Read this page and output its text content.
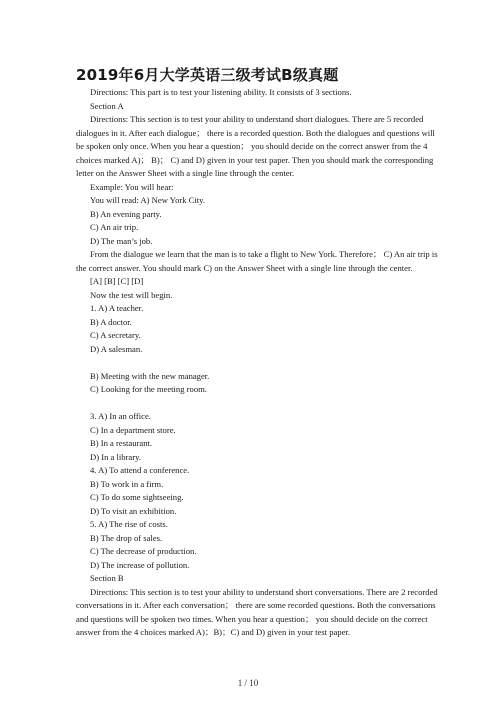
2019年6月大学英语三级考试B级真题

Directions: This part is to test your listening ability. It consists of 3 sections.

Section A

Directions: This section is to test your ability to understand short dialogues. There are 5 recorded dialogues in it. After each dialogue； there is a recorded question. Both the dialogues and questions will be spoken only once. When you hear a question； you should decide on the correct answer from the 4 choices marked A)； B)； C) and D) given in your test paper. Then you should mark the corresponding letter on the Answer Sheet with a single line through the center.

Example: You will hear:

You will read: A) New York City.

B) An evening party.

C) An air trip.

D) The man’s job.

From the dialogue we learn that the man is to take a flight to New York. Therefore； C) An air trip is the correct answer. You should mark C) on the Answer Sheet with a single line through the center.

[A] [B] [C] [D]

Now the test will begin.

1. A) A teacher.

B) A doctor.

C) A secretary.

D) A salesman.

B) Meeting with the new manager.

C) Looking for the meeting room.

3. A) In an office.

C) In a department store.

B) In a restaurant.

D) In a library.

4. A) To attend a conference.

B) To work in a firm.

C) To do some sightseeing.

D) To visit an exhibition.

5. A) The rise of costs.

B) The drop of sales.

C) The decrease of production.

D) The increase of pollution.

Section B

Directions: This section is to test your ability to understand short conversations. There are 2 recorded conversations in it. After each conversation； there are some recorded questions. Both the conversations and questions will be spoken two times. When you hear a question； you should decide on the correct answer from the 4 choices marked A)；B)；C) and D) given in your test paper.

1 / 10
